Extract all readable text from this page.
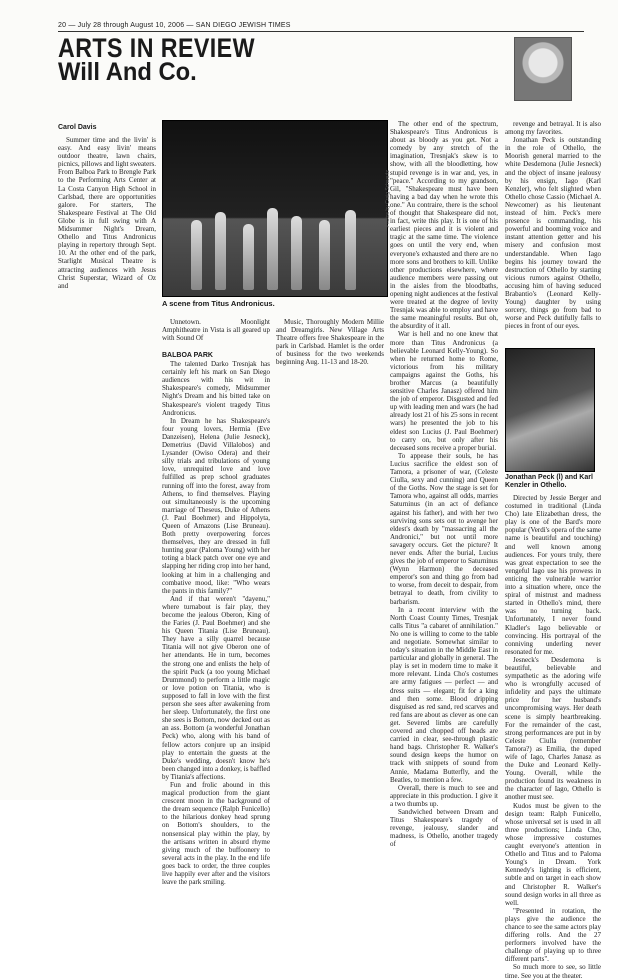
20 — July 28 through August 10, 2006 — SAN DIEGO JEWISH TIMES
ARTS IN REVIEW
Will And Co.
Carol Davis

Summer time and the livin' is easy. And easy livin' means outdoor theatre, lawn chairs, picnics, pillows and light sweaters. From Balboa Park to Brengle Park to the Performing Arts Center at La Costa Canyon High School in Carlsbad, there are opportunities galore. For starters, The Shakespeare Festival at The Old Globe is in full swing with A Midsummer Night's Dream, Othello and Titus Andronicus playing in repertory through Sept. 10. At the other end of the park, Starlight Musical Theatre is attracting audiences with Jesus Christ Superstar, Wizard of Oz and

Photos by Craig Schwartz
A scene from Titus Andronicus.

Unnetown. Moonlight Amphitheatre in Vista is all geared up with Sound Of

Music, Thoroughly Modern Millie and Dreamgirls. New Village Arts Theatre offers free Shakespeare in the park in Carlsbad. Hamlet is the order of business for the two weekends beginning Aug. 11-13 and 18-20.

BALBOA PARK

The talented Darko Tresnjak has certainly left his mark on San Diego audiences with his wit in Shakespeare's comedy, Midsummer Night's Dream and his bitted take on Shakespeare's violent tragedy Titus Andronicus.

In Dream he has Shakespeare's four young lovers, Hermia (Eve Danzeisen), Helena (Julie Jesneck), Demetrius (David Villalobos) and Lysander (Owiso Odera) and their silly trials and tribulations of young love, unrequited love and love fulfilled as prep school graduates running off into the forest, away from Athens, to find themselves. Playing out simultaneously is the upcoming marriage of Theseus, Duke of Athens (J. Paul Boehmer) and Hippolyta, Queen of Amazons (Lise Bruneau). Both pretty overpowering forces themselves, they are dressed in full hunting gear (Paloma Young) with her toting a black patch over one eye and slapping her riding crop into her hand, looking at him in a challenging and combative mood, like: "Who wears the pants in this family?"

And if that weren't "dayenu," where turnabout is fair play, they become the jealous Oberon, King of the Faries (J. Paul Boehmer) and she his Queen Titania (Lise Bruneau). They have a silly quarrel because Titania will not give Oberon one of her attendants. He in turn, becomes the strong one and enlists the help of the spirit Puck (a too young Michael Drummond) to perform a little magic or love potion on Titania, who is supposed to fall in love with the first person she sees after awakening from her sleep. Unfortunately, the first one she sees is Bottom, now decked out as an ass. Bottom (a wonderful Jonathan Peck) who, along with his band of fellow actors conjure up an insipid play to entertain the guests at the Duke's wedding, doesn't know he's been changed into a donkey, is baffled by Titania's affections.

Fun and frolic abound in this magical production from the giant crescent moon in the background of the dream sequence (Ralph Funicello) to the hilarious donkey head sprung on Bottom's shoulders, to the nonsensical play within the play, by the artisans written in absurd rhyme giving much of the buffoonery to several acts in the play. In the end life goes back to order, the three couples live happily ever after and the visitors leave the park smiling.

The other end of the spectrum, Shakespeare's Titus Andronicus is about as bloody as you get. Not a comedy by any stretch of the imagination, Tresnjak's skew is to show, with all the bloodletting, how stupid revenge is in war and, yes, in "peace." According to my grandson, Gil, "Shakespeare must have been having a bad day when he wrote this one." Au contraire, there is the school of thought that Shakespeare did not, in fact, write this play. It is one of his earliest pieces and it is violent and tragic at the same time. The violence goes on until the very end, when everyone's exhausted and there are no more sons and brothers to kill. Unlike other productions elsewhere, where audience members were passing out in the aisles from the bloodbaths, opening night audiences at the festival were treated at the degree of levity Tresnjak was able to employ and have the same meaningful results. But oh, the absurdity of it all.

War is hell and no one knew that more than Titus Andronicus (a believable Leonard Kelly-Young). So when he returned home to Rome, victorious from his military campaigns against the Goths, his brother Marcus (a beautifully sensitive Charles Janasz) offered him the job of emperor. Disgusted and fed up with leading men and wars (he had already lost 21 of his 25 sons in recent wars) he presented the job to his eldest son Lucius (J. Paul Boehmer) to carry on, but only after his deceased sons receive a proper burial.

To appease their souls, he has Lucius sacrifice the eldest son of Tamora, a prisoner of war, (Celeste Ciulla, sexy and cunning) and Queen of the Goths. Now the stage is set for Tamora who, against all odds, marries Saturninus (in an act of defiance against his father), and with her two surviving sons sets out to avenge her eldest's death by "massacring all the Andronici," but not until more savagery occurs. Get the picture? It never ends. After the burial, Lucius gives the job of emperor to Saturninus (Wynn Harmon) the deceased emperor's son and thing go from bad to worse, from deceit to despair, from betrayal to death, from civility to barbarism.

In a recent interview with the North Coast County Times, Tresnjak calls Titus "a cabaret of annihilation." No one is willing to come to the table and negotiate. Somewhat similar to today's situation in the Middle East in particular and globally in general. The play is set in modern time to make it more relevant. Linda Cho's costumes are army fatigues — perfect — and dress suits — elegant; fit for a king and then some. Blood dripping disguised as red sand, red scarves and red fans are about as clever as one can get. Severed limbs are carefully covered and chopped off heads are carried in clear, see-through plastic hand bags. Christopher R. Walker's sound design keeps the humor on track with snippets of sound from Annie, Madama Butterfly, and the Beatles, to mention a few.

Overall, there is much to see and appreciate in this production. I give it a two thumbs up.

Sandwiched between Dream and Titus Shakespeare's tragedy of revenge, jealousy, slander and madness, is Othello, another tragedy of

revenge and betrayal. It is also among my favorites.

Jonathan Peck is outstanding in the role of Othello, the Moorish general married to the white Desdemona (Julie Jesneck) and the object of insane jealousy by his ensign, Iago (Karl Kenzler), who felt slighted when Othello chose Cassio (Michael A. Newcomer) as his lieutenant instead of him. Peck's mere presence is commanding, his powerful and booming voice and instant attention getter and his misery and confusion most understandable. When Iago begins his journey toward the destruction of Othello by starting vicious rumors against Othello, accusing him of having seduced Brabantio's (Leonard Kelly-Young) daughter by using sorcery, things go from bad to worse and Peck dutifully falls to pieces in front of our eyes.

Jonathan Peck (l) and Karl Kenzler in Othello.

Directed by Jessie Berger and costumed in traditional (Linda Cho) late Elizabethan dress, the play is one of the Bard's more popular (Verdi's opera of the same name is beautiful and touching) and well known among audiences. For yours truly, there was great expectation to see the vengeful Iago use his prowess in enticing the vulnerable warrior into a situation where, once the spiral of mistrust and madness started in Othello's mind, there was no turning back. Unfortunately, I never found Kladler's Iago believable or convincing. His portrayal of the conniving underling never resonated for me.

Jesneck's Desdemona is beautiful, believable and sympathetic as the adoring wife who is wrongfully accused of infidelity and pays the ultimate price for her husband's uncompromising ways. Her death scene is simply heartbreaking. For the remainder of the cast, strong performances are put in by Celeste Ciulla (remember Tamora?) as Emilia, the duped wife of Iago, Charles Janasz as the Duke and Leonard Kelly-Young. Overall, while the production found its weakness in the character of Iago, Othello is another must see.

Kudos must be given to the design team: Ralph Funicello, whose universal set is used in all three productions; Linda Cho, whose impressive costumes caught everyone's attention in Othello and Titus and to Paloma Young's in Dream. York Kennedy's lighting is efficient, subtle and on target in each show and Christopher R. Walker's sound design works in all three as well.

"Presented in rotation, the plays give the audience the chance to see the same actors play differing rolls. And the 27 performers involved have the challenge of playing up to three different parts".

So much more to see, so little time. See you at the theater.
